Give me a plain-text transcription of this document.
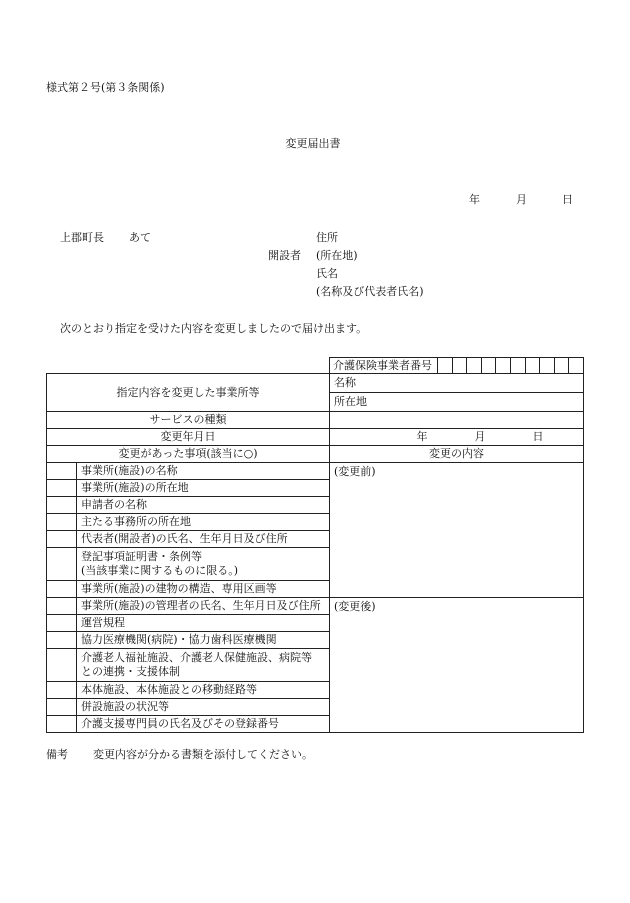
様式第２号(第３条関係)
変更届出書
年	月	日
上郡町長 あて	住所
開設者 (所在地)
氏名
(名称及び代表者氏名)
次のとおり指定を受けた内容を変更しましたので届け出ます。
介護保険事業者番号
指定内容を変更した事業所等		名称
		所在地
サービスの種類		
変更年月日		年 月 日

変更があった事項(該当に○)		変更の内容
	事業所(施設)の名称	(変更前)
	事業所(施設)の所在地	
	申請者の名称	
	主たる事務所の所在地	
	代表者(開設者)の氏名、生年月日及び住所	

	登記事項証明書・条例等
(当該事業に関するものに限る。)	

	事業所(施設)の建物の構造、専用区画等	
	事業所(施設)の管理者の氏名、生年月日及び住所	(変更後)
	運営規程	
	協力医療機関(病院)・協力歯科医療機関	

	介護老人福祉施設、介護老人保健施設、病院等
との連携・支援体制	

	本体施設、本体施設との移動経路等	
	併設施設の状況等	
	介護支援専門員の氏名及びその登録番号	
備考 変更内容が分かる書類を添付してください。
